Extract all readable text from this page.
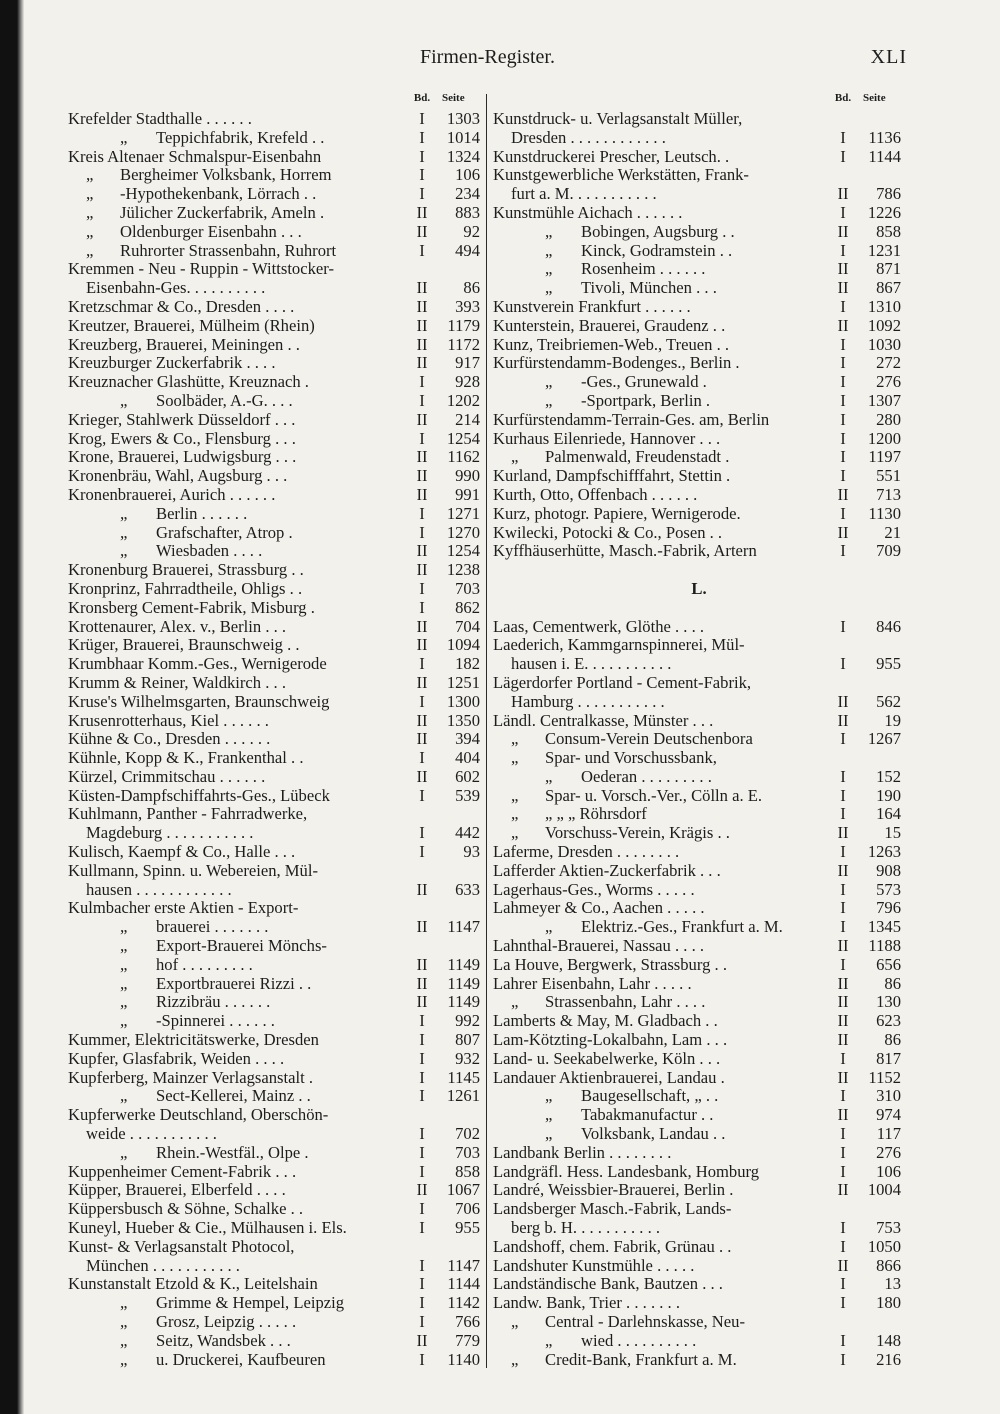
Firmen-Register.	XLI
Bd. Seite
Krefelder Stadthalle . . . . . .	I	1303
„ Teppichfabrik, Krefeld . .	I	1014
Kreis Altenaer Schmalspur-Eisenbahn	I	1324
„ Bergheimer Volksbank, Horrem	I	106
„ -Hypothekenbank, Lörrach . .	I	234
„ Jülicher Zuckerfabrik, Ameln .	II	883
„ Oldenburger Eisenbahn . . .	II	92
„ Ruhrorter Strassenbahn, Ruhrort	I	494
Kremmen - Neu - Ruppin - Wittstocker-
Eisenbahn-Ges. . . . . . . . . .	II	86
Kretzschmar & Co., Dresden . . . .	II	393
Kreutzer, Brauerei, Mülheim (Rhein)	II	1179
Kreuzberg, Brauerei, Meiningen . .	II	1172
Kreuzburger Zuckerfabrik . . . .	II	917
Kreuznacher Glashütte, Kreuznach .	I	928
„ Soolbäder, A.-G. . . .	I	1202
Krieger, Stahlwerk Düsseldorf . . .	II	214
Krog, Ewers & Co., Flensburg . . .	I	1254
Krone, Brauerei, Ludwigsburg . . .	II	1162
Kronenbräu, Wahl, Augsburg . . .	II	990
Kronenbrauerei, Aurich . . . . . .	II	991
„ Berlin . . . . . .	I	1271
„ Grafschafter, Atrop .	I	1270
„ Wiesbaden . . . .	II	1254
Kronenburg Brauerei, Strassburg . .	II	1238
Kronprinz, Fahrradtheile, Ohligs . .	I	703
Kronsberg Cement-Fabrik, Misburg .	I	862
Krottenaurer, Alex. v., Berlin . . .	II	704
Krüger, Brauerei, Braunschweig . .	II	1094
Krumbhaar Komm.-Ges., Wernigerode	I	182
Krumm & Reiner, Waldkirch . . .	II	1251
Kruse's Wilhelmsgarten, Braunschweig	I	1300
Krusenrotterhaus, Kiel . . . . . .	II	1350
Kühne & Co., Dresden . . . . . .	II	394
Kühnle, Kopp & K., Frankenthal . .	I	404
Kürzel, Crimmitschau . . . . . .	II	602
Küsten-Dampfschiffahrts-Ges., Lübeck	I	539
Kuhlmann, Panther - Fahrradwerke,
Magdeburg . . . . . . . . . . .	I	442
Kulisch, Kaempf & Co., Halle . . .	I	93
Kullmann, Spinn. u. Webereien, Mül-
hausen . . . . . . . . . . . .	II	633
Kulmbacher erste Aktien - Export-
„ brauerei . . . . . . .	II	1147
„ Export-Brauerei Mönchs-
„ hof . . . . . . . . .	II	1149
„ Exportbrauerei Rizzi . .	II	1149
„ Rizzibräu . . . . . .	II	1149
„ -Spinnerei . . . . . .	I	992
Kummer, Elektricitätswerke, Dresden	I	807
Kupfer, Glasfabrik, Weiden . . . .	I	932
Kupferberg, Mainzer Verlagsanstalt .	I	1145
„ Sect-Kellerei, Mainz . .	I	1261
Kupferwerke Deutschland, Oberschön-
weide . . . . . . . . . . .	I	702
„ Rhein.-Westfäl., Olpe .	I	703
Kuppenheimer Cement-Fabrik . . .	I	858
Küpper, Brauerei, Elberfeld . . . .	II	1067
Küppersbusch & Söhne, Schalke . .	I	706
Kuneyl, Hueber & Cie., Mülhausen i. Els.	I	955
Kunst- & Verlagsanstalt Photocol,
München . . . . . . . . . . .	I	1147
Kunstanstalt Etzold & K., Leitelshain	I	1144
„ Grimme & Hempel, Leipzig	I	1142
„ Grosz, Leipzig . . . . .	I	766
„ Seitz, Wandsbek . . .	II	779
„ u. Druckerei, Kaufbeuren	I	1140
Bd. Seite
Kunstdruck- u. Verlagsanstalt Müller,
Dresden . . . . . . . . . . . .	I	1136
Kunstdruckerei Prescher, Leutsch. .	I	1144
Kunstgewerbliche Werkstätten, Frank-
furt a. M. . . . . . . . . . .	II	786
Kunstmühle Aichach . . . . . .	I	1226
„ Bobingen, Augsburg . .	II	858
„ Kinck, Godramstein . .	I	1231
„ Rosenheim . . . . . .	II	871
„ Tivoli, München . . .	II	867
Kunstverein Frankfurt . . . . . .	I	1310
Kunterstein, Brauerei, Graudenz . .	II	1092
Kunz, Treibriemen-Web., Treuen . .	I	1030
Kurfürstendamm-Bodenges., Berlin .	I	272
„ -Ges., Grunewald .	I	276
„ -Sportpark, Berlin .	I	1307
Kurfürstendamm-Terrain-Ges. am, Berlin	I	280
Kurhaus Eilenriede, Hannover . . .	I	1200
„ Palmenwald, Freudenstadt .	I	1197
Kurland, Dampfschifffahrt, Stettin .	I	551
Kurth, Otto, Offenbach . . . . . .	II	713
Kurz, photogr. Papiere, Wernigerode.	I	1130
Kwilecki, Potocki & Co., Posen . .	II	21
Kyffhäuserhütte, Masch.-Fabrik, Artern	I	709
L.
Laas, Cementwerk, Glöthe . . . .	I	846
Laederich, Kammgarnspinnerei, Mül-
hausen i. E. . . . . . . . . . .	I	955
Lägerdorfer Portland - Cement-Fabrik,
Hamburg . . . . . . . . . . .	II	562
Ländl. Centralkasse, Münster . . .	II	19
„ Consum-Verein Deutschenbora	I	1267
„ Spar- und Vorschussbank,
„ Oederan . . . . . . . . .	I	152
„ Spar- u. Vorsch.-Ver., Cölln a. E.	I	190
„ „ „ „ Röhrsdorf	I	164
„ Vorschuss-Verein, Krägis . .	II	15
Laferme, Dresden . . . . . . . .	I	1263
Lafferder Aktien-Zuckerfabrik . . .	II	908
Lagerhaus-Ges., Worms . . . . .	I	573
Lahmeyer & Co., Aachen . . . . .	I	796
„ Elektriz.-Ges., Frankfurt a. M.	I	1345
Lahnthal-Brauerei, Nassau . . . .	II	1188
La Houve, Bergwerk, Strassburg . .	I	656
Lahrer Eisenbahn, Lahr . . . . .	II	86
„ Strassenbahn, Lahr . . . .	II	130
Lamberts & May, M. Gladbach . .	II	623
Lam-Kötzting-Lokalbahn, Lam . . .	II	86
Land- u. Seekabelwerke, Köln . . .	I	817
Landauer Aktienbrauerei, Landau .	II	1152
„ Baugesellschaft, „ . .	I	310
„ Tabakmanufactur . .	II	974
„ Volksbank, Landau . .	I	117
Landbank Berlin . . . . . . . .	I	276
Landgräfl. Hess. Landesbank, Homburg	I	106
Landré, Weissbier-Brauerei, Berlin .	II	1004
Landsberger Masch.-Fabrik, Lands-
berg b. H. . . . . . . . . . .	I	753
Landshoff, chem. Fabrik, Grünau . .	I	1050
Landshuter Kunstmühle . . . . .	II	866
Landständische Bank, Bautzen . . .	I	13
Landw. Bank, Trier . . . . . . .	I	180
„ Central - Darlehnskasse, Neu-
„ wied . . . . . . . . . .	I	148
„ Credit-Bank, Frankfurt a. M.	I	216
